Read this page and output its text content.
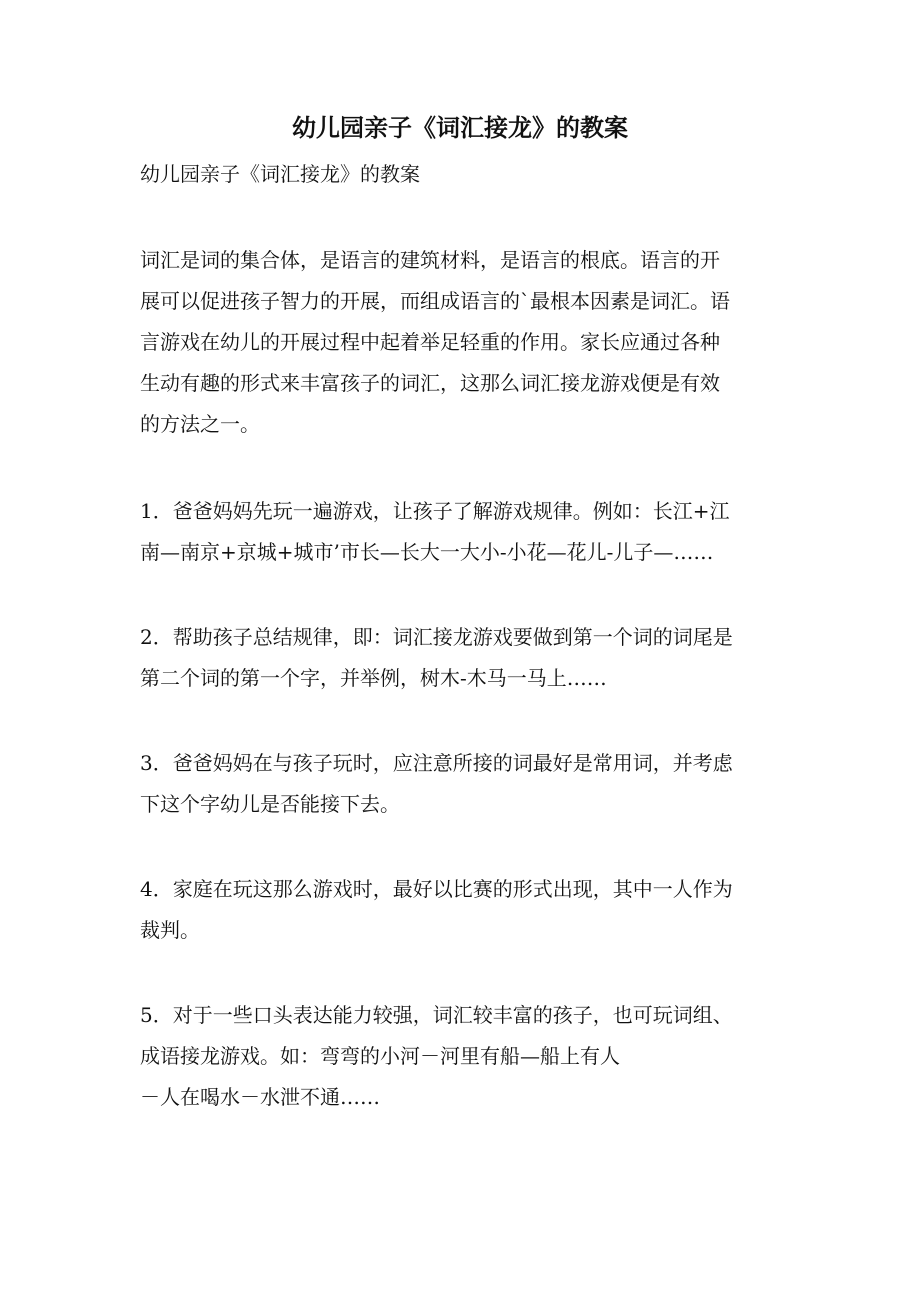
幼儿园亲子《词汇接龙》的教案
幼儿园亲子《词汇接龙》的教案
词汇是词的集合体，是语言的建筑材料，是语言的根底。语言的开
展可以促进孩子智力的开展，而组成语言的`最根本因素是词汇。语
言游戏在幼儿的开展过程中起着举足轻重的作用。家长应通过各种
生动有趣的形式来丰富孩子的词汇，这那么词汇接龙游戏便是有效
的方法之一。
1．爸爸妈妈先玩一遍游戏，让孩子了解游戏规律。例如：长江+江
南—南京+京城+城市’市长—长大一大小-小花—花儿-儿子—……
2．帮助孩子总结规律，即：词汇接龙游戏要做到第一个词的词尾是
第二个词的第一个字，并举例，树木-木马一马上……
3．爸爸妈妈在与孩子玩时，应注意所接的词最好是常用词，并考虑
下这个字幼儿是否能接下去。
4．家庭在玩这那么游戏时，最好以比赛的形式出现，其中一人作为
裁判。
5．对于一些口头表达能力较强，词汇较丰富的孩子，也可玩词组、
成语接龙游戏。如：弯弯的小河－河里有船—船上有人
－人在喝水－水泄不通……
